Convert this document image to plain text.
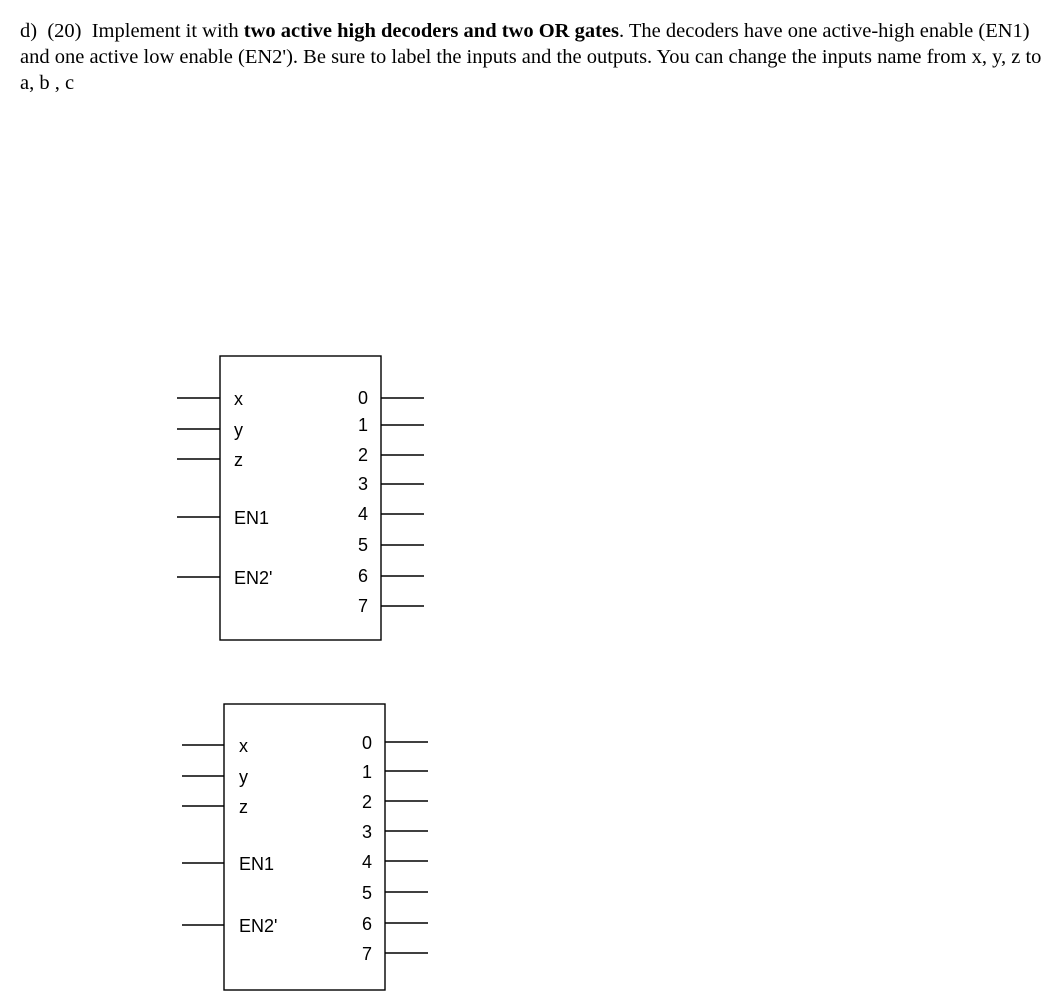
d) (20) Implement it with two active high decoders and two OR gates. The decoders have one active-high enable (EN1) and one active low enable (EN2'). Be sure to label the inputs and the outputs. You can change the inputs name from x, y, z to a, b , c

x
y
z
EN1
EN2'
0
1
2
3
4
5
6
7
x
y
z
EN1
EN2'
0
1
2
3
4
5
6
7
